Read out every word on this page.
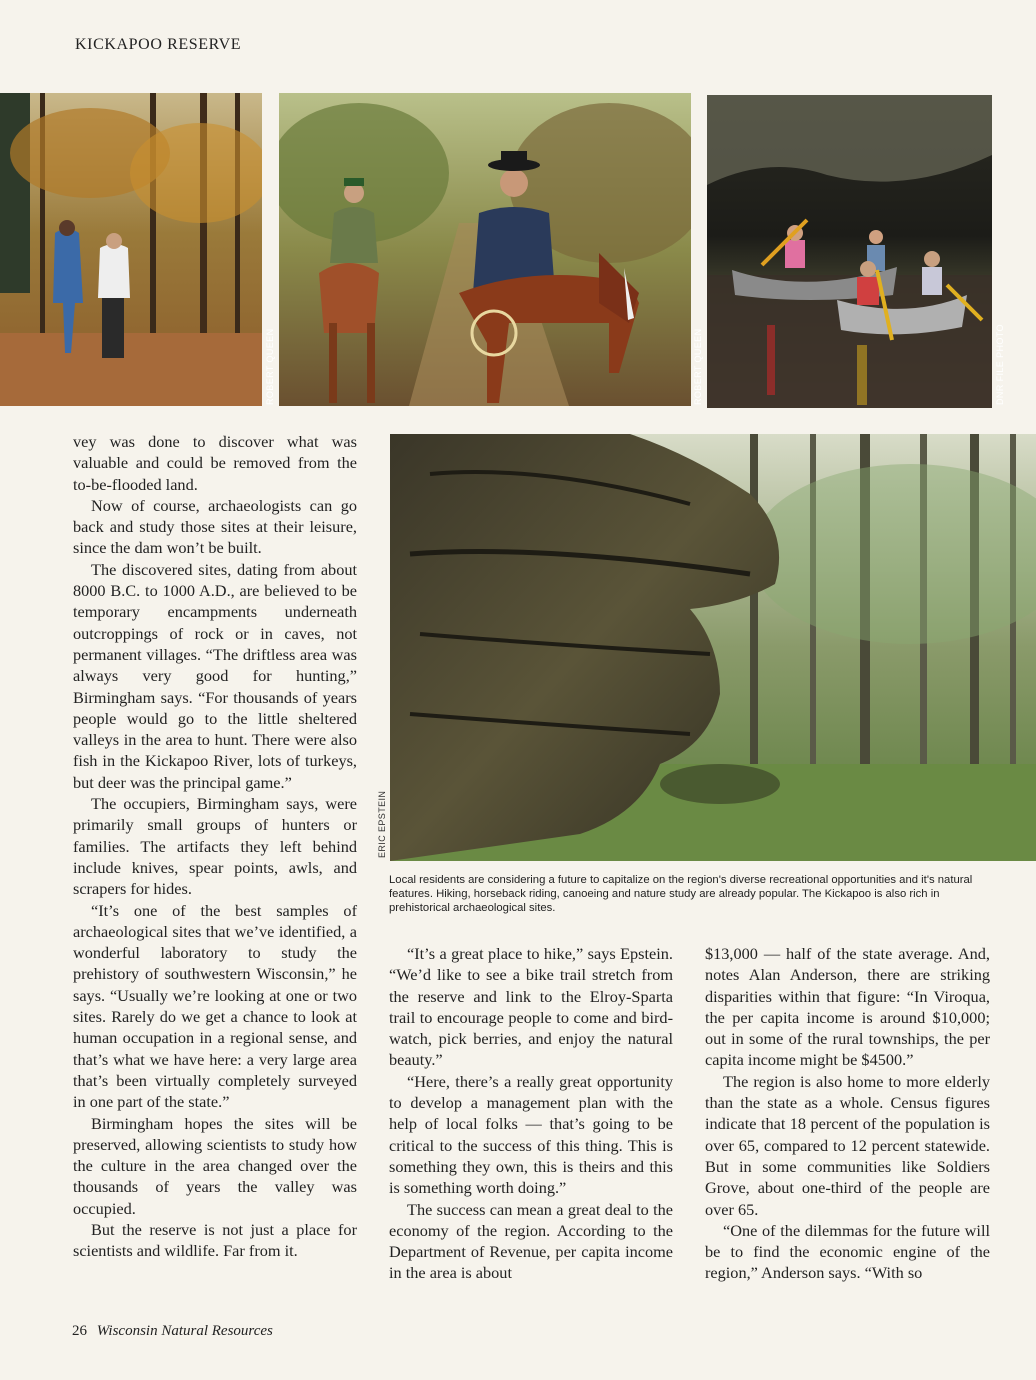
KICKAPOO RESERVE
ROBERT QUEEN	ROBERT QUEEN	DNR FILE PHOTO
ERIC EPSTEIN
Local residents are considering a future to capitalize on the region's diverse recreational opportunities and it's natural features. Hiking, horseback riding, canoeing and nature study are already popular. The Kickapoo is also rich in prehistorical archaeological sites.

vey was done to discover what was valuable and could be removed from the to-be-flooded land.

Now of course, archaeologists can go back and study those sites at their leisure, since the dam won’t be built.

The discovered sites, dating from about 8000 B.C. to 1000 A.D., are believed to be temporary encampments underneath outcroppings of rock or in caves, not permanent villages. “The driftless area was always very good for hunting,” Birmingham says. “For thousands of years people would go to the little sheltered valleys in the area to hunt. There were also fish in the Kickapoo River, lots of turkeys, but deer was the principal game.”

The occupiers, Birmingham says, were primarily small groups of hunters or families. The artifacts they left behind include knives, spear points, awls, and scrapers for hides.

“It’s one of the best samples of archaeological sites that we’ve identified, a wonderful laboratory to study the prehistory of southwestern Wisconsin,” he says. “Usually we’re looking at one or two sites. Rarely do we get a chance to look at human occupation in a regional sense, and that’s what we have here: a very large area that’s been virtually completely surveyed in one part of the state.”

Birmingham hopes the sites will be preserved, allowing scientists to study how the culture in the area changed over the thousands of years the valley was occupied.

But the reserve is not just a place for scientists and wildlife. Far from it.

“It’s a great place to hike,” says Epstein. “We’d like to see a bike trail stretch from the reserve and link to the Elroy-Sparta trail to encourage people to come and bird-watch, pick berries, and enjoy the natural beauty.”

“Here, there’s a really great opportunity to develop a management plan with the help of local folks — that’s going to be critical to the success of this thing. This is something they own, this is theirs and this is something worth doing.”

The success can mean a great deal to the economy of the region. According to the Department of Revenue, per capita income in the area is about

$13,000 — half of the state average. And, notes Alan Anderson, there are striking disparities within that figure: “In Viroqua, the per capita income is around $10,000; out in some of the rural townships, the per capita income might be $4500.”

The region is also home to more elderly than the state as a whole. Census figures indicate that 18 percent of the population is over 65, compared to 12 percent statewide. But in some communities like Soldiers Grove, about one-third of the people are over 65.

“One of the dilemmas for the future will be to find the economic engine of the region,” Anderson says. “With so

26 Wisconsin Natural Resources
